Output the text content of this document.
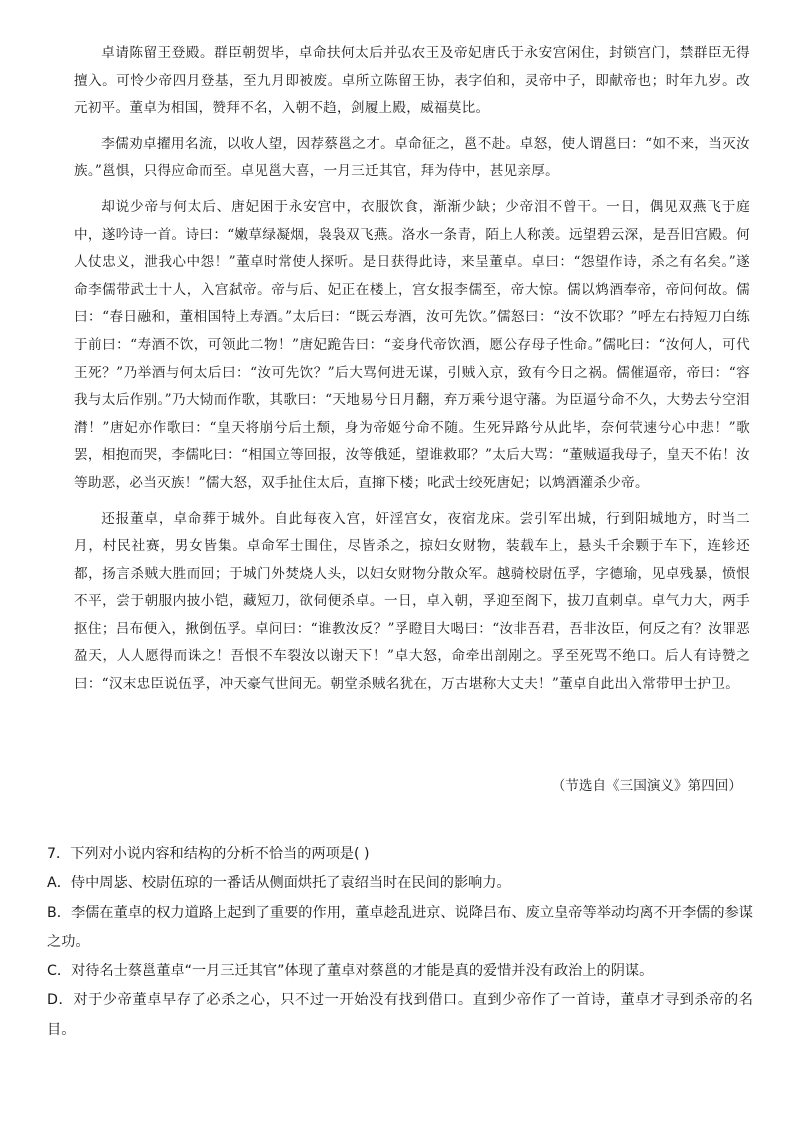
卓请陈留王登殿。群臣朝贺毕，卓命扶何太后并弘农王及帝妃唐氏于永安宫闲住，封锁宫门，禁群臣无得擅入。可怜少帝四月登基，至九月即被废。卓所立陈留王协，表字伯和，灵帝中子，即献帝也；时年九岁。改元初平。董卓为相国，赞拜不名，入朝不趋，剑履上殿，威福莫比。

李儒劝卓擢用名流，以收人望，因荐蔡邕之才。卓命征之，邕不赴。卓怒，使人谓邕曰：“如不来，当灭汝族。”邕惧，只得应命而至。卓见邕大喜，一月三迁其官，拜为侍中，甚见亲厚。

却说少帝与何太后、唐妃困于永安宫中，衣服饮食，渐渐少缺；少帝泪不曾干。一日，偶见双燕飞于庭中，遂吟诗一首。诗曰：“嫩草绿凝烟，袅袅双飞燕。洛水一条青，陌上人称羡。远望碧云深，是吾旧宫殿。何人仗忠义，泄我心中怨！”董卓时常使人探听。是日获得此诗，来呈董卓。卓曰：“怨望作诗，杀之有名矣。”遂命李儒带武士十人，入宫弑帝。帝与后、妃正在楼上，宫女报李儒至，帝大惊。儒以鸩酒奉帝，帝问何故。儒曰：“春日融和，董相国特上寿酒。”太后曰：“既云寿酒，汝可先饮。”儒怒曰：“汝不饮耶？”呼左右持短刀白练于前曰：“寿酒不饮，可领此二物！”唐妃跪告曰：“妾身代帝饮酒，愿公存母子性命。”儒叱曰：“汝何人，可代王死？”乃举酒与何太后曰：“汝可先饮？”后大骂何进无谋，引贼入京，致有今日之祸。儒催逼帝，帝曰：“容我与太后作别。”乃大恸而作歌，其歌曰：“天地易兮日月翻，弃万乘兮退守藩。为臣逼兮命不久，大势去兮空泪潸！”唐妃亦作歌曰：“皇天将崩兮后土颓，身为帝姬兮命不随。生死异路兮从此毕，奈何茕速兮心中悲！”歌罢，相抱而哭，李儒叱曰：“相国立等回报，汝等俄延，望谁救耶？”太后大骂：“董贼逼我母子，皇天不佑！汝等助恶，必当灭族！”儒大怒，双手扯住太后，直撺下楼；叱武士绞死唐妃；以鸩酒灌杀少帝。

还报董卓，卓命葬于城外。自此每夜入宫，奸淫宫女，夜宿龙床。尝引军出城，行到阳城地方，时当二月，村民社赛，男女皆集。卓命军士围住，尽皆杀之，掠妇女财物，装载车上，悬头千余颗于车下，连轸还都，扬言杀贼大胜而回；于城门外焚烧人头，以妇女财物分散众军。越骑校尉伍孚，字德瑜，见卓残暴，愤恨不平，尝于朝服内披小铠，藏短刀，欲伺便杀卓。一日，卓入朝，孚迎至阁下，拔刀直刺卓。卓气力大，两手抠住；吕布便入，揪倒伍孚。卓问曰：“谁教汝反？”孚瞪目大喝曰：“汝非吾君，吾非汝臣，何反之有？汝罪恶盈天，人人愿得而诛之！吾恨不车裂汝以谢天下！”卓大怒，命牵出剖剐之。孚至死骂不绝口。后人有诗赞之曰：“汉末忠臣说伍孚，冲天豪气世间无。朝堂杀贼名犹在，万古堪称大丈夫！”董卓自此出入常带甲士护卫。

（节选自《三国演义》第四回）

7．下列对小说内容和结构的分析不恰当的两项是( )

A．侍中周毖、校尉伍琼的一番话从侧面烘托了袁绍当时在民间的影响力。

B．李儒在董卓的权力道路上起到了重要的作用，董卓趁乱进京、说降吕布、废立皇帝等举动均离不开李儒的参谋之功。

C．对待名士蔡邕董卓“一月三迁其官”体现了董卓对蔡邕的才能是真的爱惜并没有政治上的阴谋。

D．对于少帝董卓早存了必杀之心，只不过一开始没有找到借口。直到少帝作了一首诗，董卓才寻到杀帝的名目。
